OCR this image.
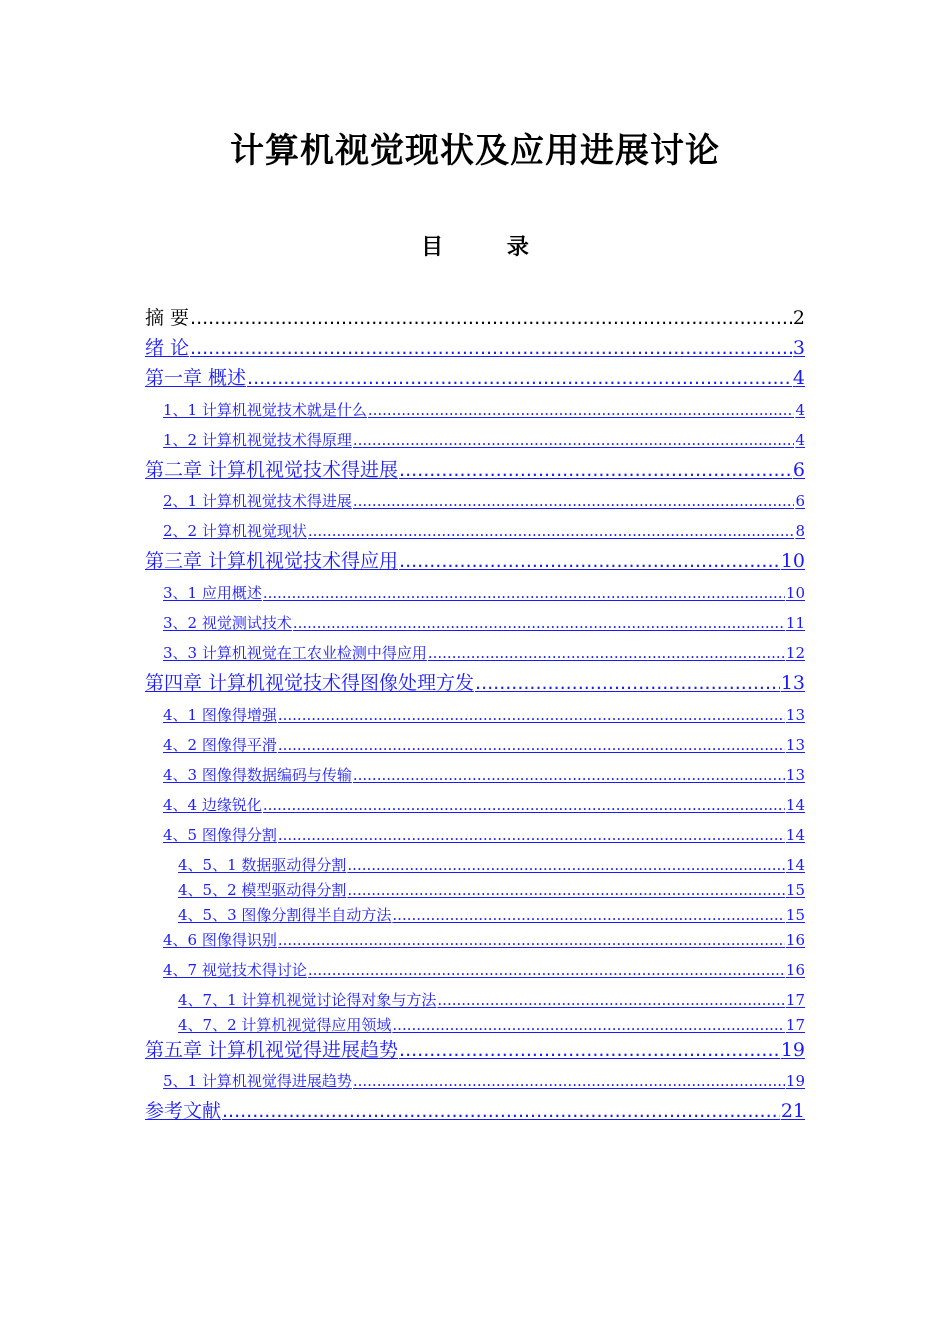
计算机视觉现状及应用进展讨论
目 录
摘 要 .....	2
绪 论 .....	3
第一章 概述 .....	4
1、1 计算机视觉技术就是什么 .....	4
1、2 计算机视觉技术得原理 .....	4
第二章 计算机视觉技术得进展 .....	6
2、1 计算机视觉技术得进展 .....	6
2、2 计算机视觉现状 .....	8
第三章 计算机视觉技术得应用 .....	10
3、1 应用概述 .....	10
3、2 视觉测试技术 .....	11
3、3 计算机视觉在工农业检测中得应用 .....	12
第四章 计算机视觉技术得图像处理方发 .....	13
4、1 图像得增强 .....	13
4、2 图像得平滑 .....	13
4、3 图像得数据编码与传输 .....	13
4、4 边缘锐化 .....	14
4、5 图像得分割 .....	14
4、5、1 数据驱动得分割 .....	14
4、5、2 模型驱动得分割 .....	15
4、5、3 图像分割得半自动方法 .....	15
4、6 图像得识别 .....	16
4、7 视觉技术得讨论 .....	16
4、7、1 计算机视觉讨论得对象与方法 .....	17
4、7、2 计算机视觉得应用领域 .....	17
第五章 计算机视觉得进展趋势 .....	19
5、1 计算机视觉得进展趋势 .....	19
参考文献 .....	21
